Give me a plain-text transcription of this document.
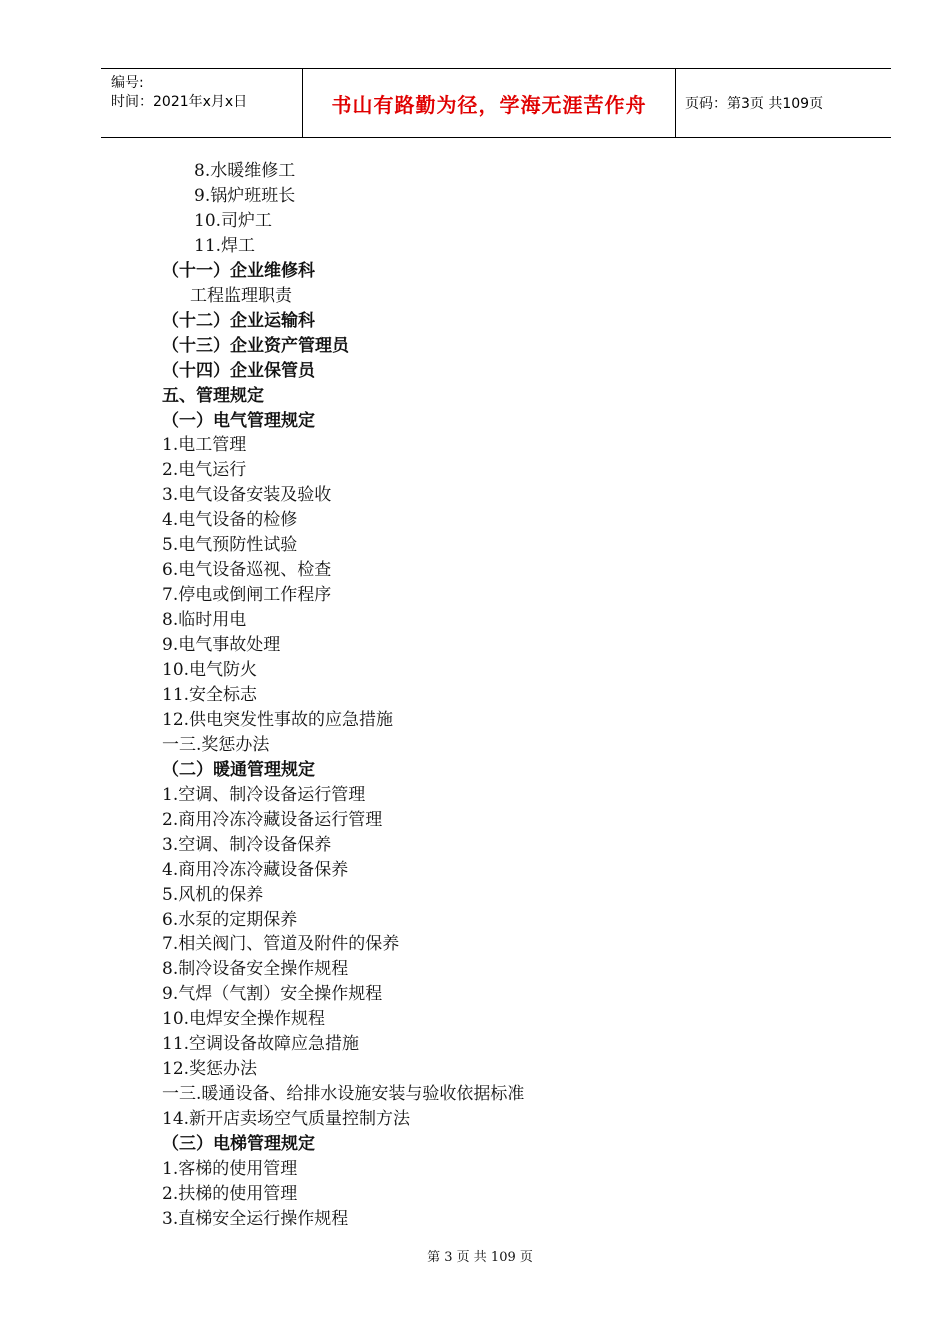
编号:
时间：2021年x月x日	书山有路勤为径，学海无涯苦作舟	页码：第3页 共109页
8.水暖维修工
9.锅炉班班长
10.司炉工
11.焊工
（十一）企业维修科
工程监理职责
（十二）企业运输科
（十三）企业资产管理员
（十四）企业保管员
五、管理规定
（一）电气管理规定
1.电工管理
2.电气运行
3.电气设备安装及验收
4.电气设备的检修
5.电气预防性试验
6.电气设备巡视、检查
7.停电或倒闸工作程序
8.临时用电
9.电气事故处理
10.电气防火
11.安全标志
12.供电突发性事故的应急措施
一三.奖惩办法
（二）暖通管理规定
1.空调、制冷设备运行管理
2.商用冷冻冷藏设备运行管理
3.空调、制冷设备保养
4.商用冷冻冷藏设备保养
5.风机的保养
6.水泵的定期保养
7.相关阀门、管道及附件的保养
8.制冷设备安全操作规程
9.气焊（气割）安全操作规程
10.电焊安全操作规程
11.空调设备故障应急措施
12.奖惩办法
一三.暖通设备、给排水设施安装与验收依据标准
14.新开店卖场空气质量控制方法
（三）电梯管理规定
1.客梯的使用管理
2.扶梯的使用管理
3.直梯安全运行操作规程
第 3 页 共 109 页
